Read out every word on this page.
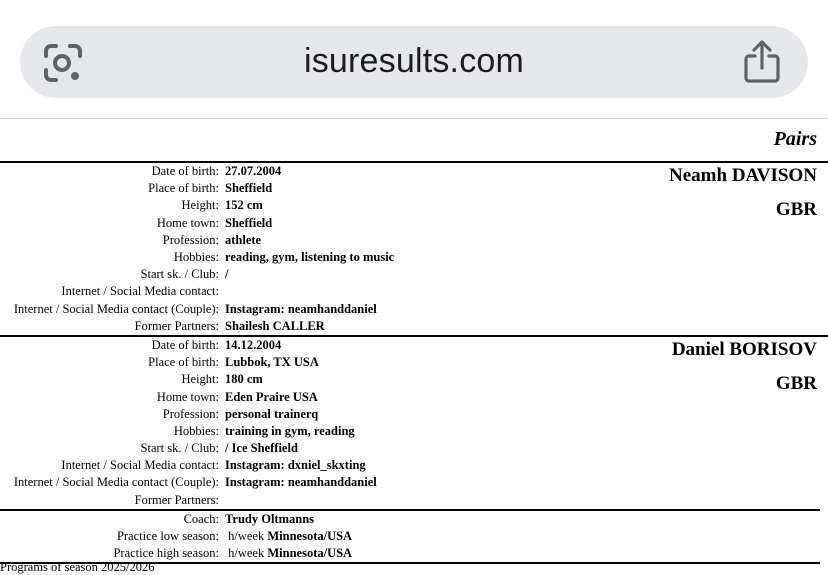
isuresults.com
Pairs
Neamh DAVISON
GBR
Date of birth:	27.07.2004
Place of birth:	Sheffield
Height:	152 cm
Home town:	Sheffield
Profession:	athlete
Hobbies:	reading, gym, listening to music
Start sk. / Club:	/
Internet / Social Media contact:	
Internet / Social Media contact (Couple):	Instagram: neamhanddaniel
Former Partners:	Shailesh CALLER
Daniel BORISOV
GBR
Date of birth:	14.12.2004
Place of birth:	Lubbok, TX USA
Height:	180 cm
Home town:	Eden Praire USA
Profession:	personal trainerq
Hobbies:	training in gym, reading
Start sk. / Club:	/ Ice Sheffield
Internet / Social Media contact:	Instagram: dxniel_skxting
Internet / Social Media contact (Couple):	Instagram: neamhanddaniel
Former Partners:	
Coach:	Trudy Oltmanns
Practice low season:	h/week Minnesota/USA
Practice high season:	h/week Minnesota/USA
Programs of season 2025/2026
